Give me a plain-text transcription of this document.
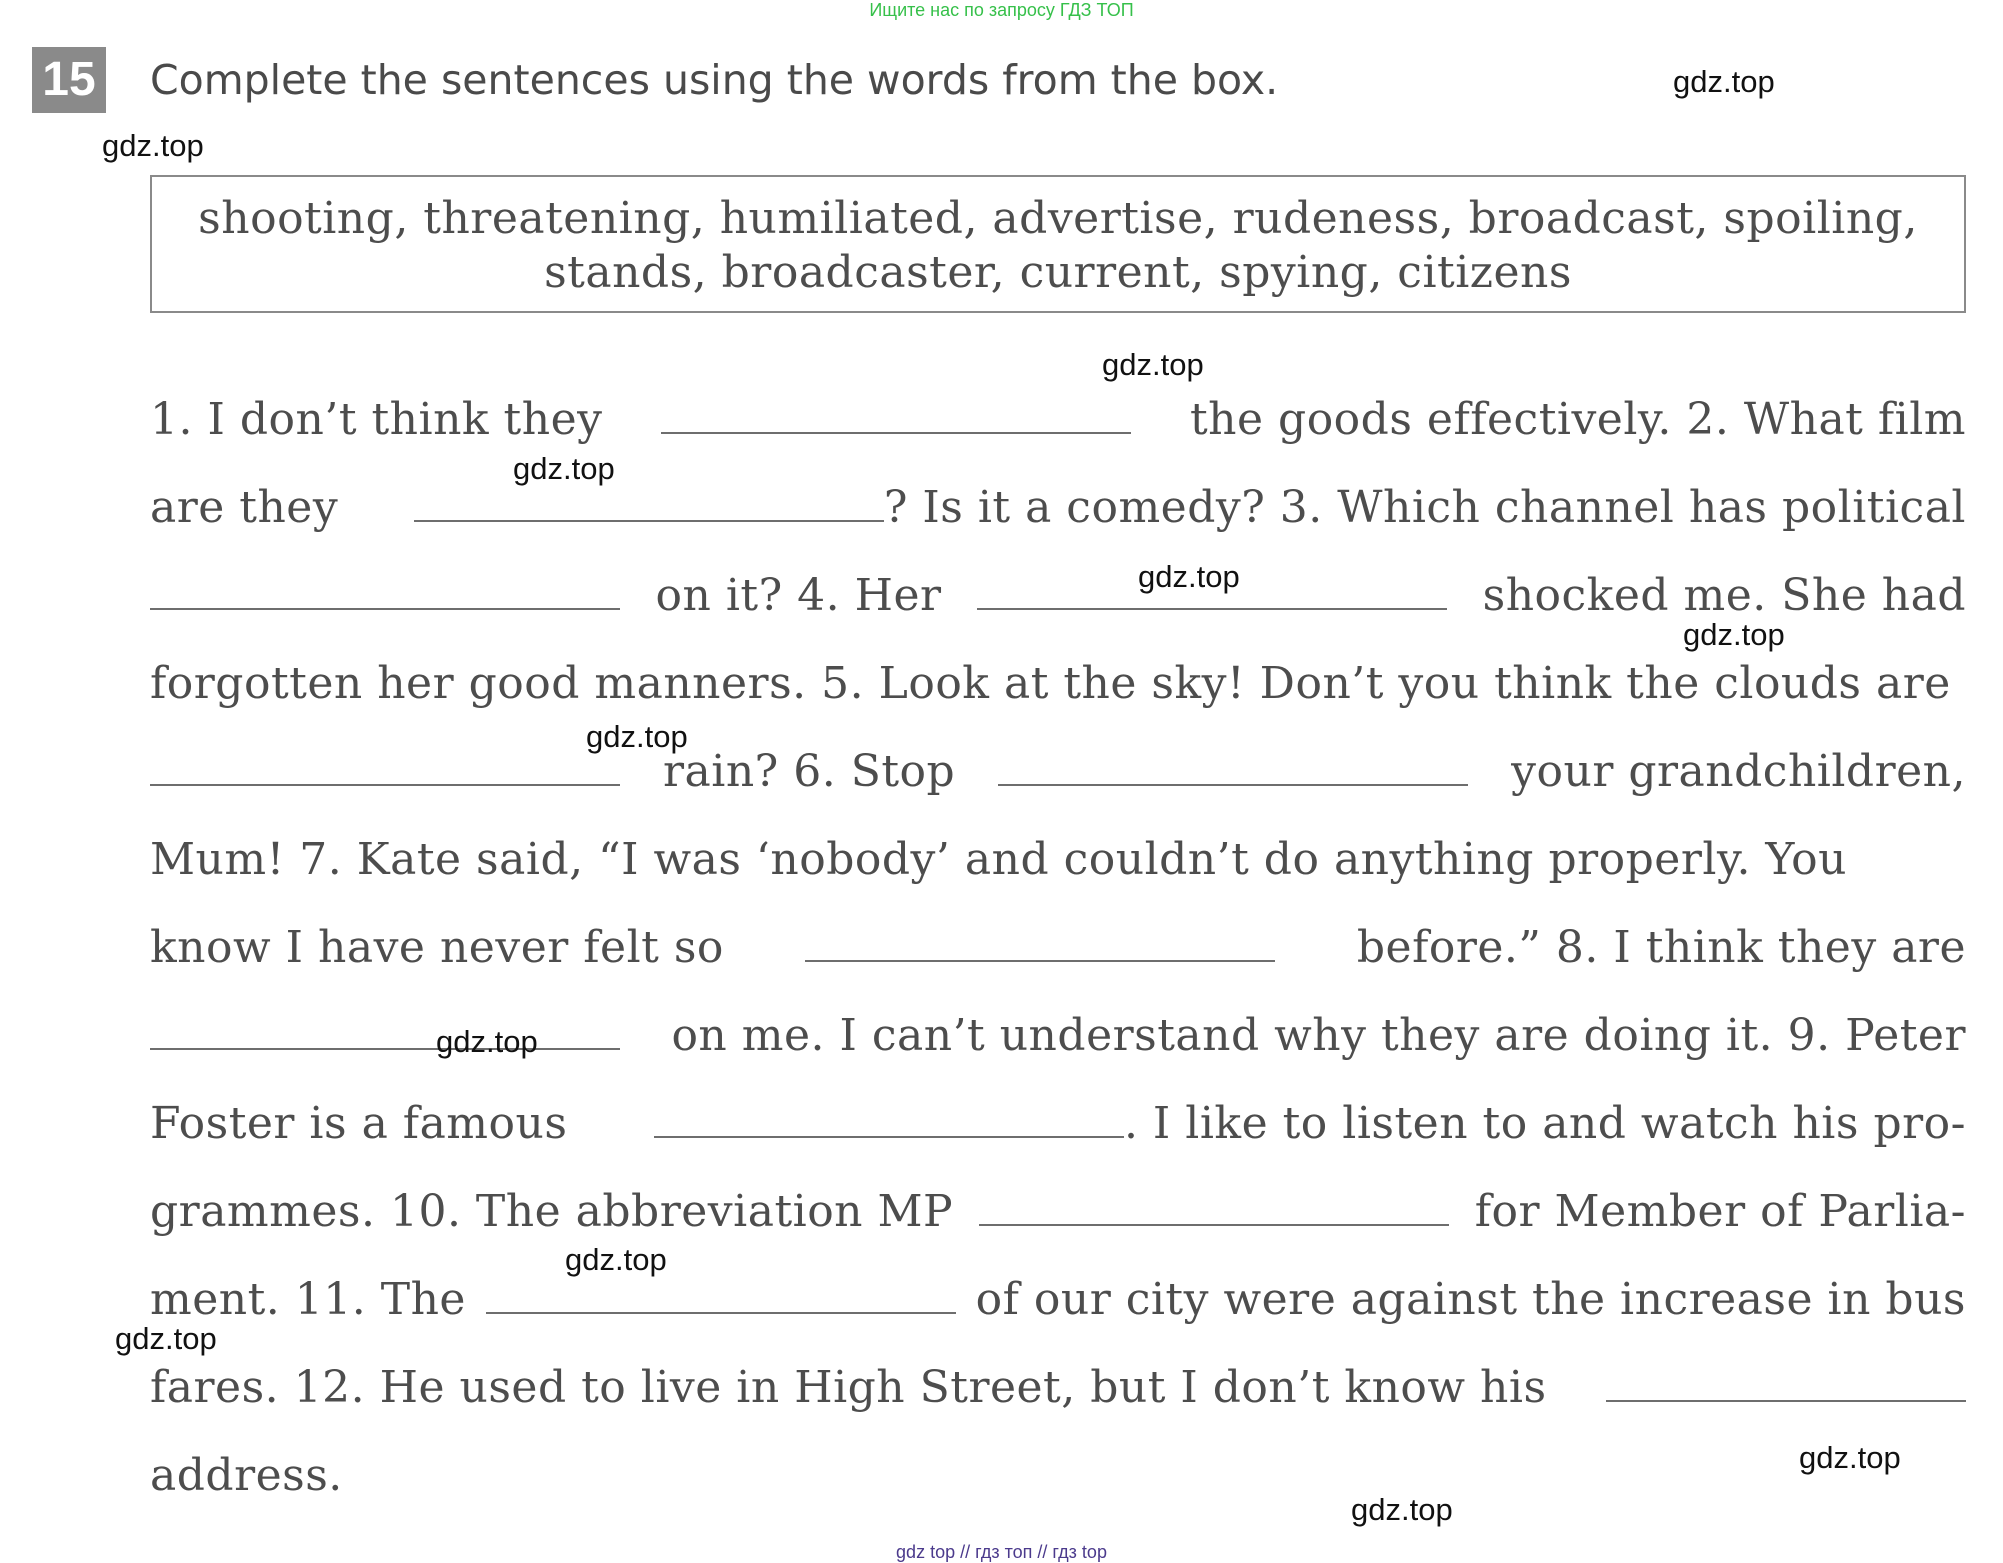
Ищите нас по запросу ГДЗ ТОП
15 Complete the sentences using the words from the box.
shooting, threatening, humiliated, advertise, rudeness, broadcast, spoiling,
stands, broadcaster, current, spying, citizens
1. I don’t think they	the goods effectively. 2. What film
are they	? Is it a comedy? 3. Which channel has political
on it? 4. Her	shocked me. She had
forgotten her good manners. 5. Look at the sky! Don’t you think the clouds are
rain? 6. Stop	your grandchildren,
Mum! 7. Kate said, “I was ‘nobody’ and couldn’t do anything properly. You
know I have never felt so	before.” 8. I think they are
on me. I can’t understand why they are doing it. 9. Peter
Foster is a famous	. I like to listen to and watch his pro-
grammes. 10. The abbreviation MP	for Member of Parlia-
ment. 11. The	of our city were against the increase in bus
fares. 12. He used to live in High Street, but I don’t know his
address.
gdz.top
gdz.top
gdz.top
gdz.top
gdz.top
gdz.top
gdz.top
gdz.top
gdz.top
gdz.top
gdz.top
gdz.top
gdz top // гдз топ // гдз top
